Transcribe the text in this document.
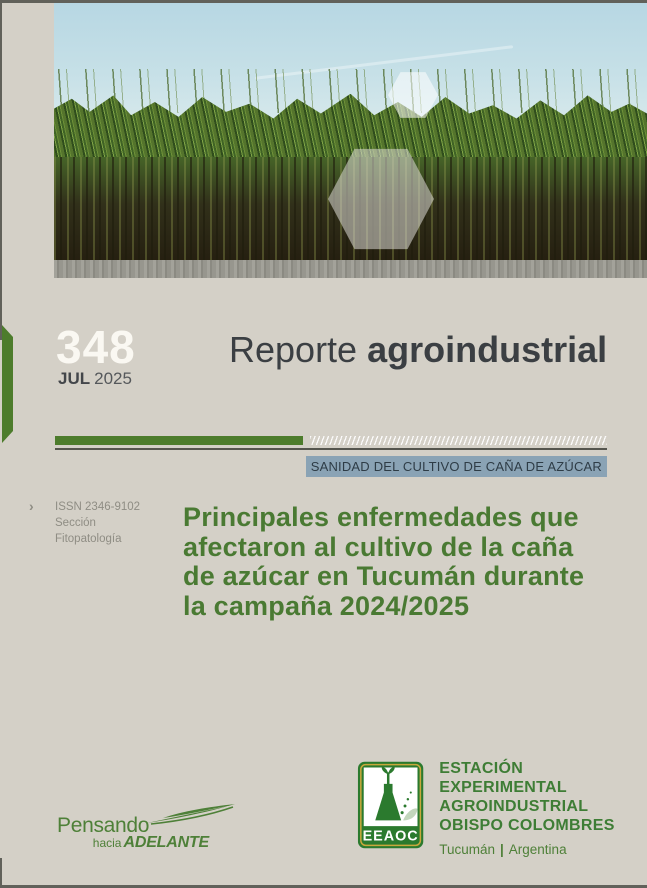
348
JUL 2025
Reporte agroindustrial
SANIDAD DEL CULTIVO DE CAÑA DE AZÚCAR
› ISSN 2346-9102
Sección
Fitopatología
Principales enfermedades que
afectaron al cultivo de la caña
de azúcar en Tucumán durante
la campaña 2024/2025
Pensando
hacia ADELANTE	EEAOC
ESTACIÓN EXPERIMENTAL
AGROINDUSTRIAL
OBISPO COLOMBRES
Tucumán | Argentina
